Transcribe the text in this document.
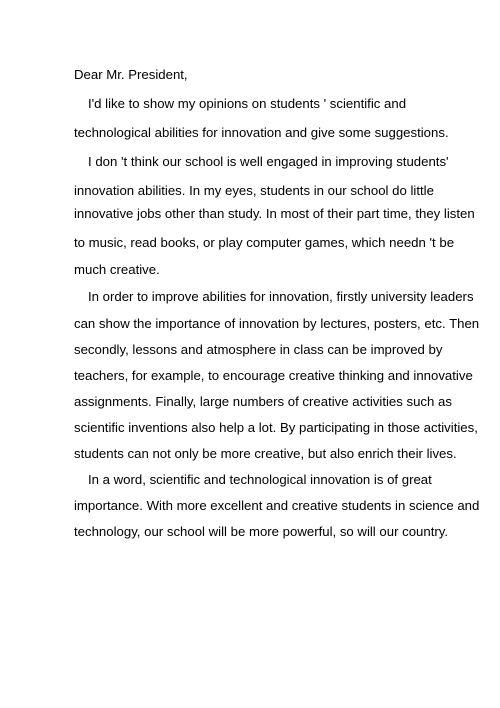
Dear Mr. President,
I'd like to show my opinions on students ' scientific and
technological abilities for innovation and give some suggestions.
I don 't think our school is well engaged in improving students'
innovation abilities. In my eyes, students in our school do little
innovative jobs other than study. In most of their part time, they listen
to music, read books, or play computer games, which needn 't be
much creative.
In order to improve abilities for innovation, firstly university leaders
can show the importance of innovation by lectures, posters, etc. Then
secondly, lessons and atmosphere in class can be improved by
teachers, for example, to encourage creative thinking and innovative
assignments. Finally, large numbers of creative activities such as
scientific inventions also help a lot. By participating in those activities,
students can not only be more creative, but also enrich their lives.
In a word, scientific and technological innovation is of great
importance. With more excellent and creative students in science and
technology, our school will be more powerful, so will our country.
